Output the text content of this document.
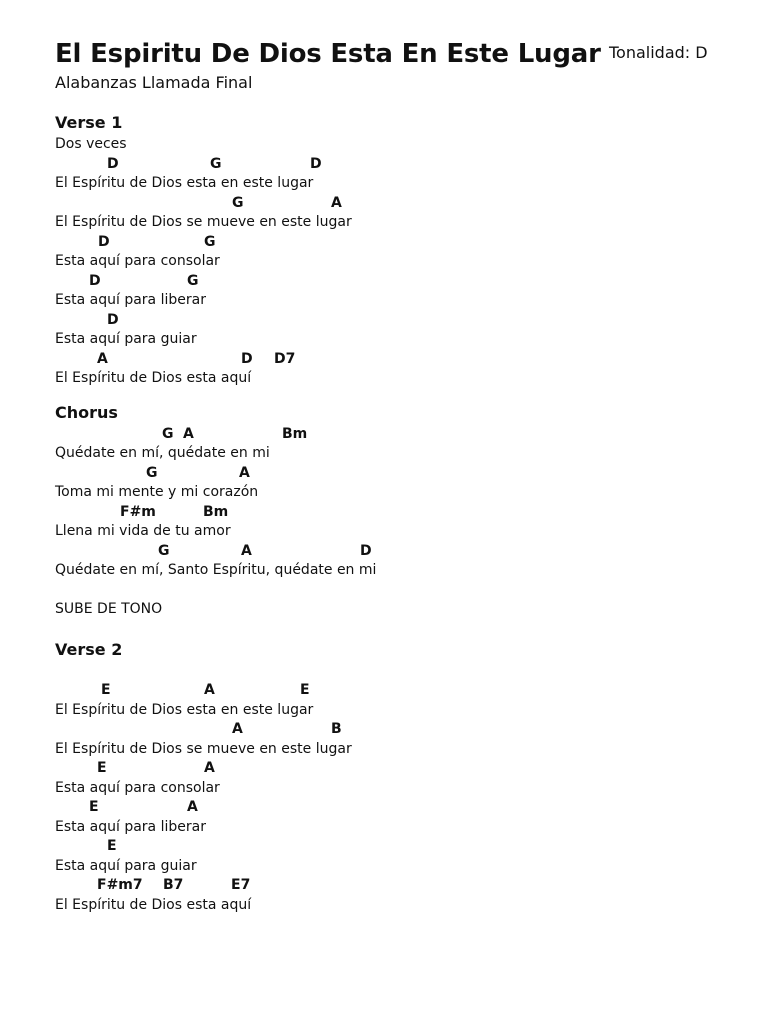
Tonalidad: D
El Espiritu De Dios Esta En Este Lugar
Alabanzas Llamada Final
Verse 1
Dos veces
D	G	D
El Espíritu de Dios esta en este lugar
G	A
El Espíritu de Dios se mueve en este lugar
D	G
Esta aquí para consolar
D	G
Esta aquí para liberar
D
Esta aquí para guiar
A	D D7
El Espíritu de Dios esta aquí
Chorus
G A	Bm
Quédate en mí, quédate en mi
G	A
Toma mi mente y mi corazón
F#m	Bm
Llena mi vida de tu amor
G	A	D
Quédate en mí, Santo Espíritu, quédate en mi
SUBE DE TONO
Verse 2
E	A	E
El Espíritu de Dios esta en este lugar
A	B
El Espíritu de Dios se mueve en este lugar
E	A
Esta aquí para consolar
E	A
Esta aquí para liberar
E
Esta aquí para guiar
F#m7 B7	E7
El Espíritu de Dios esta aquí
